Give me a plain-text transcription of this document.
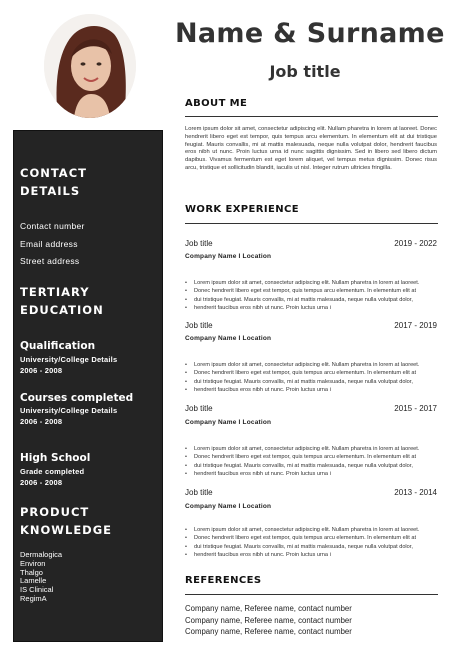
Name & Surname
Job title
CONTACT
DETAILS
Contact number
Email address
Street address
TERTIARY
EDUCATION
Qualification
University/College Details
2006 - 2008
Courses completed
University/College Details
2006 - 2008
High School
Grade completed
2006 - 2008
PRODUCT
KNOWLEDGE
Dermalogica
Environ
Thalgo
Lamelle
IS Clinical
RegimA
ABOUT ME
Lorem ipsum dolor sit amet, consectetur adipiscing elit. Nullam pharetra in lorem at laoreet. Donec hendrerit libero eget est tempor, quis tempus arcu elementum. In elementum elit at dui tristique feugiat. Mauris convallis, mi at mattis malesuada, neque nulla volutpat dolor, hendrerit faucibus eros nibh ut nunc. Proin luctus urna id nunc sagittis dignissim. Sed in libero sed libero dictum dapibus. Vivamus fermentum est eget lorem aliquet, vel tempus metus dignissim. Donec risus arcu, tristique et sollicitudin blandit, iaculis ut nisl. Integer rutrum ultricies fringilla.
WORK EXPERIENCE
Job title	2019 - 2022
Company Name I Location
• Lorem ipsum dolor sit amet, consectetur adipiscing elit. Nullam pharetra in lorem at laoreet.
• Donec hendrerit libero eget est tempor, quis tempus arcu elementum. In elementum elit at
• dui tristique feugiat. Mauris convallis, mi at mattis malesuada, neque nulla volutpat dolor,
• hendrerit faucibus eros nibh ut nunc. Proin luctus urna i
Job title	2017 - 2019
Company Name I Location
• Lorem ipsum dolor sit amet, consectetur adipiscing elit. Nullam pharetra in lorem at laoreet.
• Donec hendrerit libero eget est tempor, quis tempus arcu elementum. In elementum elit at
• dui tristique feugiat. Mauris convallis, mi at mattis malesuada, neque nulla volutpat dolor,
• hendrerit faucibus eros nibh ut nunc. Proin luctus urna i
Job title	2015 - 2017
Company Name I Location
• Lorem ipsum dolor sit amet, consectetur adipiscing elit. Nullam pharetra in lorem at laoreet.
• Donec hendrerit libero eget est tempor, quis tempus arcu elementum. In elementum elit at
• dui tristique feugiat. Mauris convallis, mi at mattis malesuada, neque nulla volutpat dolor,
• hendrerit faucibus eros nibh ut nunc. Proin luctus urna i
Job title	2013 - 2014
Company Name I Location
• Lorem ipsum dolor sit amet, consectetur adipiscing elit. Nullam pharetra in lorem at laoreet.
• Donec hendrerit libero eget est tempor, quis tempus arcu elementum. In elementum elit at
• dui tristique feugiat. Mauris convallis, mi at mattis malesuada, neque nulla volutpat dolor,
• hendrerit faucibus eros nibh ut nunc. Proin luctus urna i
REFERENCES
Company name, Referee name, contact number
Company name, Referee name, contact number
Company name, Referee name, contact number
